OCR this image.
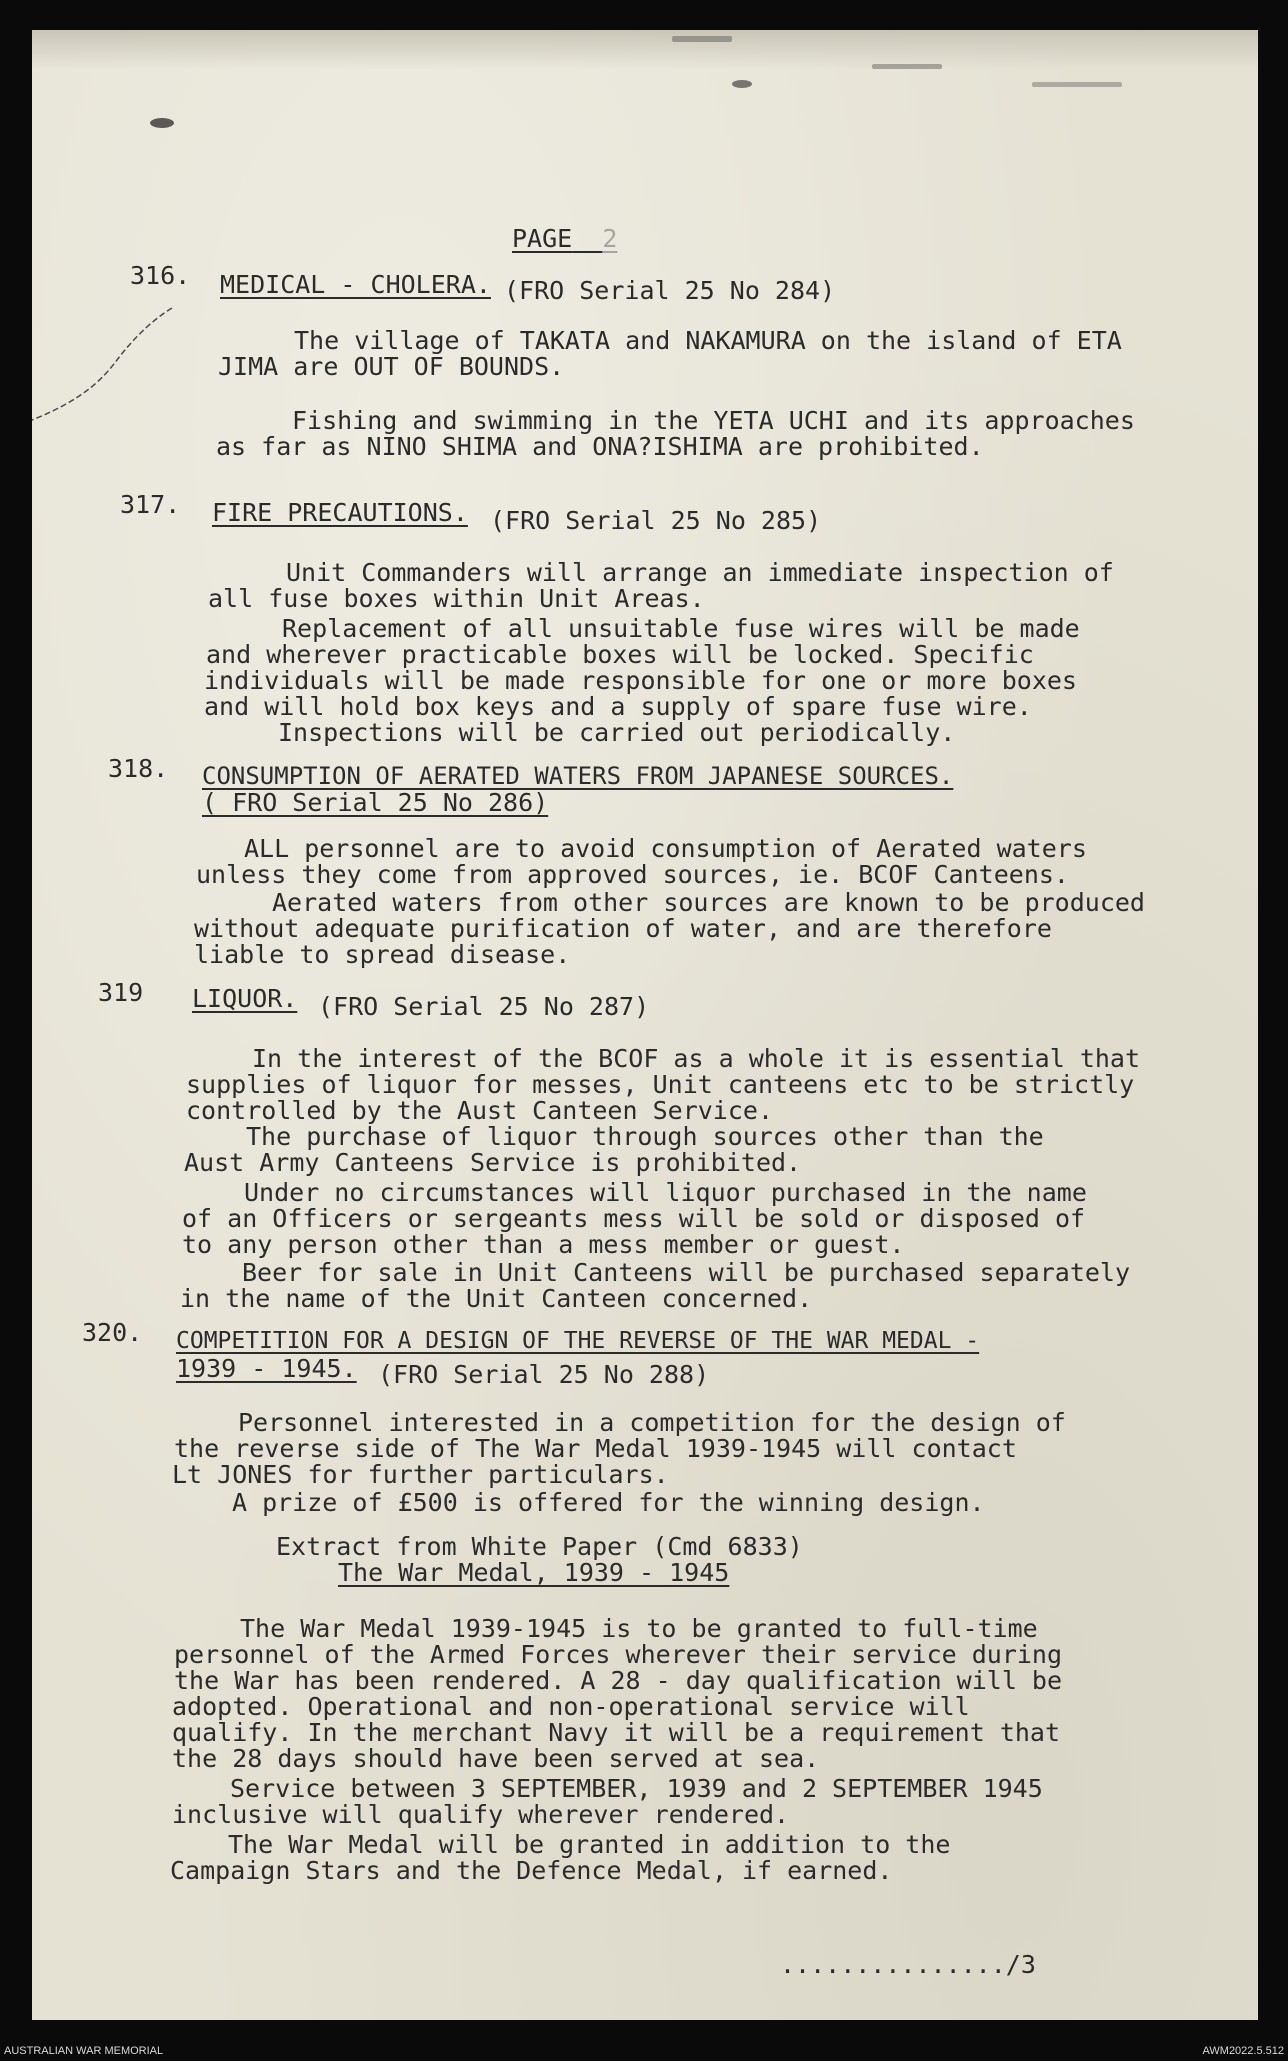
PAGE 2
316. MEDICAL - CHOLERA. (FRO Serial 25 No 284)
The village of TAKATA and NAKAMURA on the island of ETA
JIMA are OUT OF BOUNDS.
Fishing and swimming in the YETA UCHI and its approaches
as far as NINO SHIMA and ONA?ISHIMA are prohibited.
317. FIRE PRECAUTIONS. (FRO Serial 25 No 285)
Unit Commanders will arrange an immediate inspection of
all fuse boxes within Unit Areas.
Replacement of all unsuitable fuse wires will be made
and wherever practicable boxes will be locked. Specific
individuals will be made responsible for one or more boxes
and will hold box keys and a supply of spare fuse wire.
Inspections will be carried out periodically.
318. CONSUMPTION OF AERATED WATERS FROM JAPANESE SOURCES.
( FRO Serial 25 No 286)
ALL personnel are to avoid consumption of Aerated waters
unless they come from approved sources, ie. BCOF Canteens.
Aerated waters from other sources are known to be produced
without adequate purification of water, and are therefore
liable to spread disease.
319 LIQUOR. (FRO Serial 25 No 287)
In the interest of the BCOF as a whole it is essential that
supplies of liquor for messes, Unit canteens etc to be strictly
controlled by the Aust Canteen Service.
The purchase of liquor through sources other than the
Aust Army Canteens Service is prohibited.
Under no circumstances will liquor purchased in the name
of an Officers or sergeants mess will be sold or disposed of
to any person other than a mess member or guest.
Beer for sale in Unit Canteens will be purchased separately
in the name of the Unit Canteen concerned.
320. COMPETITION FOR A DESIGN OF THE REVERSE OF THE WAR MEDAL -
1939 - 1945. (FRO Serial 25 No 288)
Personnel interested in a competition for the design of
the reverse side of The War Medal 1939-1945 will contact
Lt JONES for further particulars.
A prize of £500 is offered for the winning design.
Extract from White Paper (Cmd 6833)
The War Medal, 1939 - 1945
The War Medal 1939-1945 is to be granted to full-time
personnel of the Armed Forces wherever their service during
the War has been rendered. A 28 - day qualification will be
adopted. Operational and non-operational service will
qualify. In the merchant Navy it will be a requirement that
the 28 days should have been served at sea.
Service between 3 SEPTEMBER, 1939 and 2 SEPTEMBER 1945
inclusive will qualify wherever rendered.
The War Medal will be granted in addition to the
Campaign Stars and the Defence Medal, if earned.
.............../3
AUSTRALIAN WAR MEMORIAL	AWM2022.5.512
